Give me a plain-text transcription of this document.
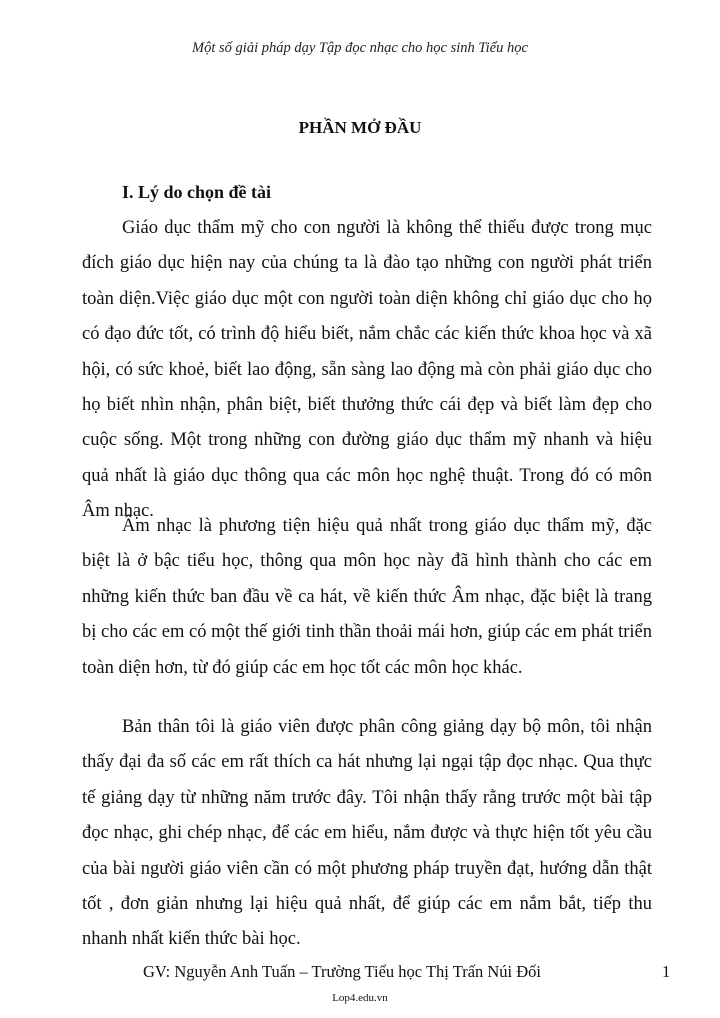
Một số giải pháp dạy Tập đọc nhạc cho học sinh Tiểu học
PHẦN MỞ ĐẦU
I. Lý do chọn đề tài

Giáo dục thẩm mỹ cho con người là không thể thiếu được trong mục đích giáo dục hiện nay của chúng ta là đào tạo những con người phát triển toàn diện.Việc giáo dục một con người toàn diện không chỉ giáo dục cho họ có đạo đức tốt, có trình độ hiểu biết, nắm chắc các kiến thức khoa học và xã hội, có sức khoẻ, biết lao động, sẵn sàng lao động mà còn phải giáo dục cho họ biết nhìn nhận, phân biệt, biết thưởng thức cái đẹp và biết làm đẹp cho cuộc sống. Một trong những con đường giáo dục thẩm mỹ nhanh và hiệu quả nhất là giáo dục thông qua các môn học nghệ thuật. Trong đó có môn Âm nhạc.

Âm nhạc là phương tiện hiệu quả nhất trong giáo dục thẩm mỹ, đặc biệt là ở bậc tiểu học, thông qua môn học này đã hình thành cho các em những kiến thức ban đầu về ca hát, về kiến thức Âm nhạc, đặc biệt là trang bị cho các em có một thế giới tinh thần thoải mái hơn, giúp các em phát triển toàn diện hơn, từ đó giúp các em học tốt các môn học khác.

Bản thân tôi là giáo viên được phân công giảng dạy bộ môn, tôi nhận thấy đại đa số các em rất thích ca hát nhưng lại ngại tập đọc nhạc. Qua thực tế giảng dạy từ những năm trước đây. Tôi nhận thấy rằng trước một bài tập đọc nhạc, ghi chép nhạc, để các em hiểu, nắm được và thực hiện tốt yêu cầu của bài người giáo viên cần có một phương pháp truyền đạt, hướng dẫn thật tốt , đơn giản nhưng lại hiệu quả nhất, để giúp các em nắm bắt, tiếp thu nhanh nhất kiến thức bài học.

GV: Nguyễn Anh Tuấn – Trường Tiểu học Thị Trấn Núi Đối	1
Lop4.edu.vn
